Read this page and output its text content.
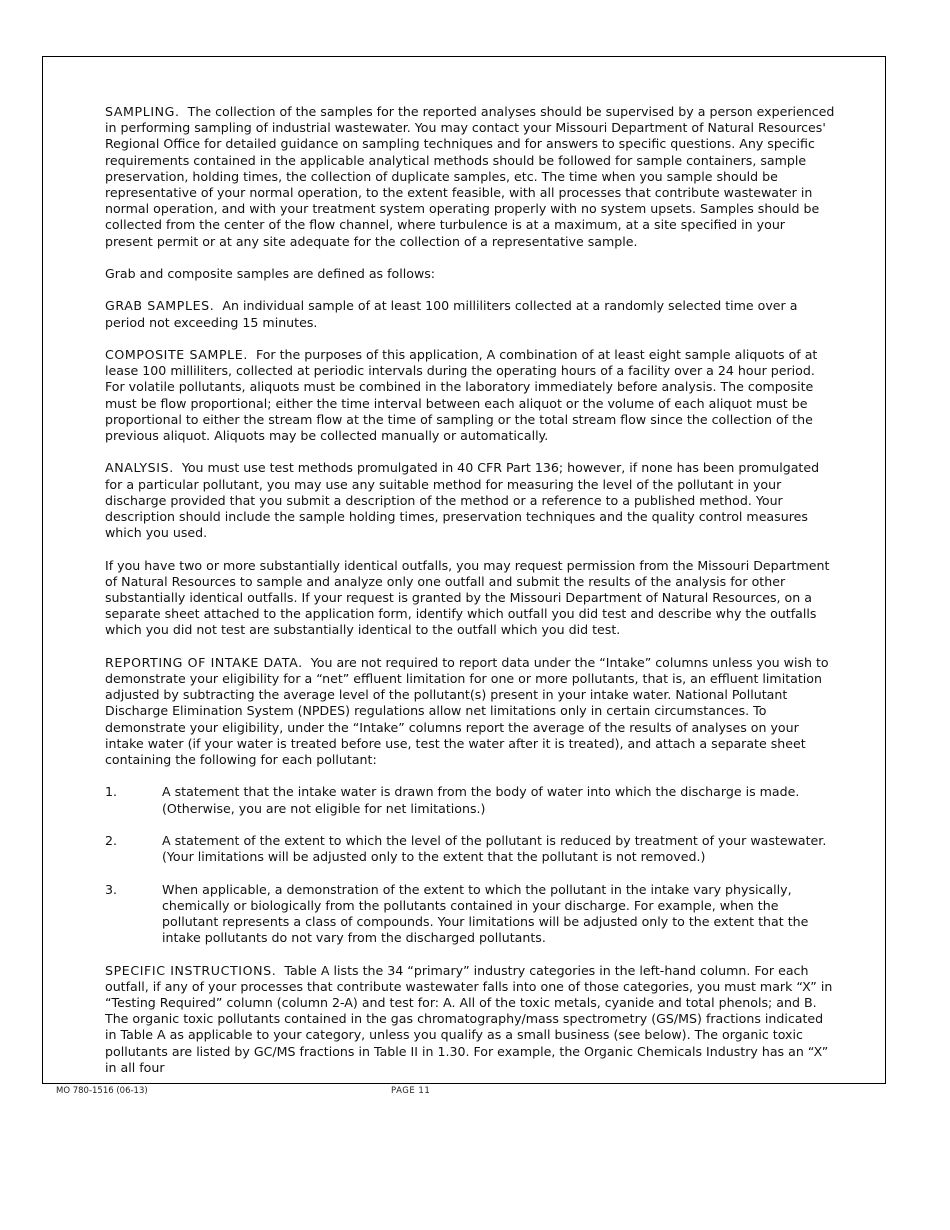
SAMPLING. The collection of the samples for the reported analyses should be supervised by a person experienced in performing sampling of industrial wastewater. You may contact your Missouri Department of Natural Resources' Regional Office for detailed guidance on sampling techniques and for answers to specific questions. Any specific requirements contained in the applicable analytical methods should be followed for sample containers, sample preservation, holding times, the collection of duplicate samples, etc. The time when you sample should be representative of your normal operation, to the extent feasible, with all processes that contribute wastewater in normal operation, and with your treatment system operating properly with no system upsets. Samples should be collected from the center of the flow channel, where turbulence is at a maximum, at a site specified in your present permit or at any site adequate for the collection of a representative sample.

Grab and composite samples are defined as follows:

GRAB SAMPLES. An individual sample of at least 100 milliliters collected at a randomly selected time over a period not exceeding 15 minutes.

COMPOSITE SAMPLE. For the purposes of this application, A combination of at least eight sample aliquots of at lease 100 milliliters, collected at periodic intervals during the operating hours of a facility over a 24 hour period. For volatile pollutants, aliquots must be combined in the laboratory immediately before analysis. The composite must be flow proportional; either the time interval between each aliquot or the volume of each aliquot must be proportional to either the stream flow at the time of sampling or the total stream flow since the collection of the previous aliquot. Aliquots may be collected manually or automatically.

ANALYSIS. You must use test methods promulgated in 40 CFR Part 136; however, if none has been promulgated for a particular pollutant, you may use any suitable method for measuring the level of the pollutant in your discharge provided that you submit a description of the method or a reference to a published method. Your description should include the sample holding times, preservation techniques and the quality control measures which you used.

If you have two or more substantially identical outfalls, you may request permission from the Missouri Department of Natural Resources to sample and analyze only one outfall and submit the results of the analysis for other substantially identical outfalls. If your request is granted by the Missouri Department of Natural Resources, on a separate sheet attached to the application form, identify which outfall you did test and describe why the outfalls which you did not test are substantially identical to the outfall which you did test.

REPORTING OF INTAKE DATA. You are not required to report data under the “Intake” columns unless you wish to demonstrate your eligibility for a “net” effluent limitation for one or more pollutants, that is, an effluent limitation adjusted by subtracting the average level of the pollutant(s) present in your intake water. National Pollutant Discharge Elimination System (NPDES) regulations allow net limitations only in certain circumstances. To demonstrate your eligibility, under the “Intake” columns report the average of the results of analyses on your intake water (if your water is treated before use, test the water after it is treated), and attach a separate sheet containing the following for each pollutant:

1.	A statement that the intake water is drawn from the body of water into which the discharge is made. (Otherwise, you are not eligible for net limitations.)
2.	A statement of the extent to which the level of the pollutant is reduced by treatment of your wastewater. (Your limitations will be adjusted only to the extent that the pollutant is not removed.)
3.	When applicable, a demonstration of the extent to which the pollutant in the intake vary physically, chemically or biologically from the pollutants contained in your discharge. For example, when the pollutant represents a class of compounds. Your limitations will be adjusted only to the extent that the intake pollutants do not vary from the discharged pollutants.

SPECIFIC INSTRUCTIONS. Table A lists the 34 “primary” industry categories in the left-hand column. For each outfall, if any of your processes that contribute wastewater falls into one of those categories, you must mark “X” in “Testing Required” column (column 2-A) and test for: A. All of the toxic metals, cyanide and total phenols; and B. The organic toxic pollutants contained in the gas chromatography/mass spectrometry (GS/MS) fractions indicated in Table A as applicable to your category, unless you qualify as a small business (see below). The organic toxic pollutants are listed by GC/MS fractions in Table II in 1.30. For example, the Organic Chemicals Industry has an “X” in all four

MO 780-1516 (06-13)	PAGE 11
